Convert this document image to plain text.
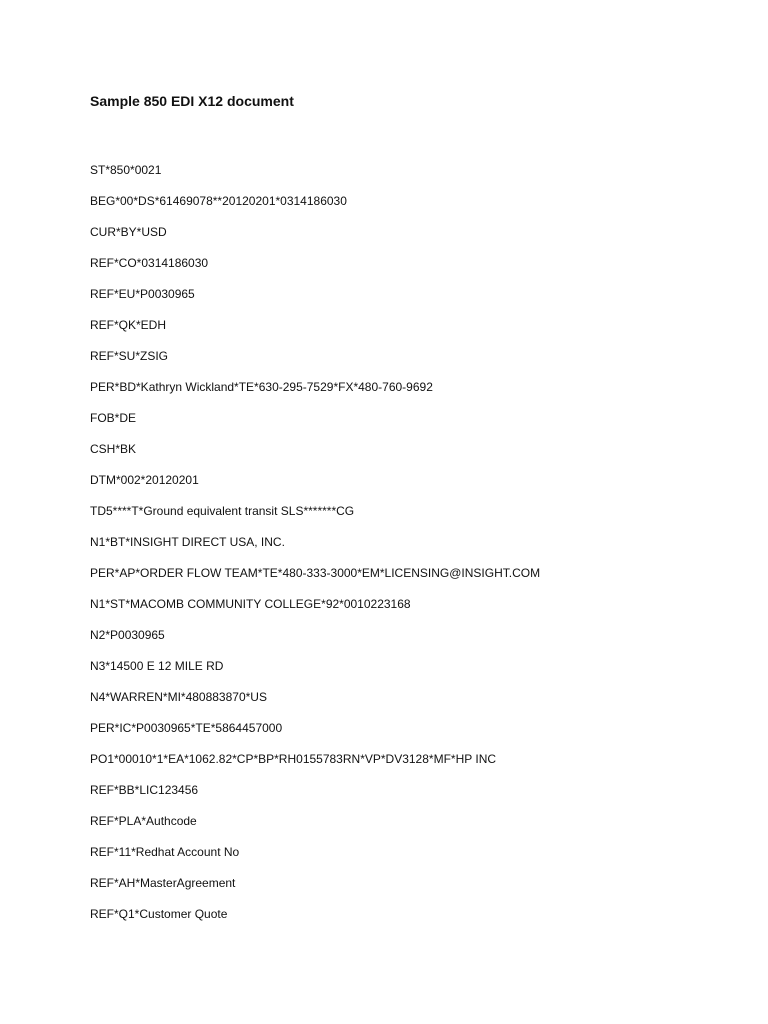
Sample 850 EDI X12 document
ST*850*0021
BEG*00*DS*61469078**20120201*0314186030
CUR*BY*USD
REF*CO*0314186030
REF*EU*P0030965
REF*QK*EDH
REF*SU*ZSIG
PER*BD*Kathryn Wickland*TE*630-295-7529*FX*480-760-9692
FOB*DE
CSH*BK
DTM*002*20120201
TD5****T*Ground equivalent transit SLS*******CG
N1*BT*INSIGHT DIRECT USA, INC.
PER*AP*ORDER FLOW TEAM*TE*480-333-3000*EM*LICENSING@INSIGHT.COM
N1*ST*MACOMB COMMUNITY COLLEGE*92*0010223168
N2*P0030965
N3*14500 E 12 MILE RD
N4*WARREN*MI*480883870*US
PER*IC*P0030965*TE*5864457000
PO1*00010*1*EA*1062.82*CP*BP*RH0155783RN*VP*DV3128*MF*HP INC
REF*BB*LIC123456
REF*PLA*Authcode
REF*11*Redhat Account No
REF*AH*MasterAgreement
REF*Q1*Customer Quote
